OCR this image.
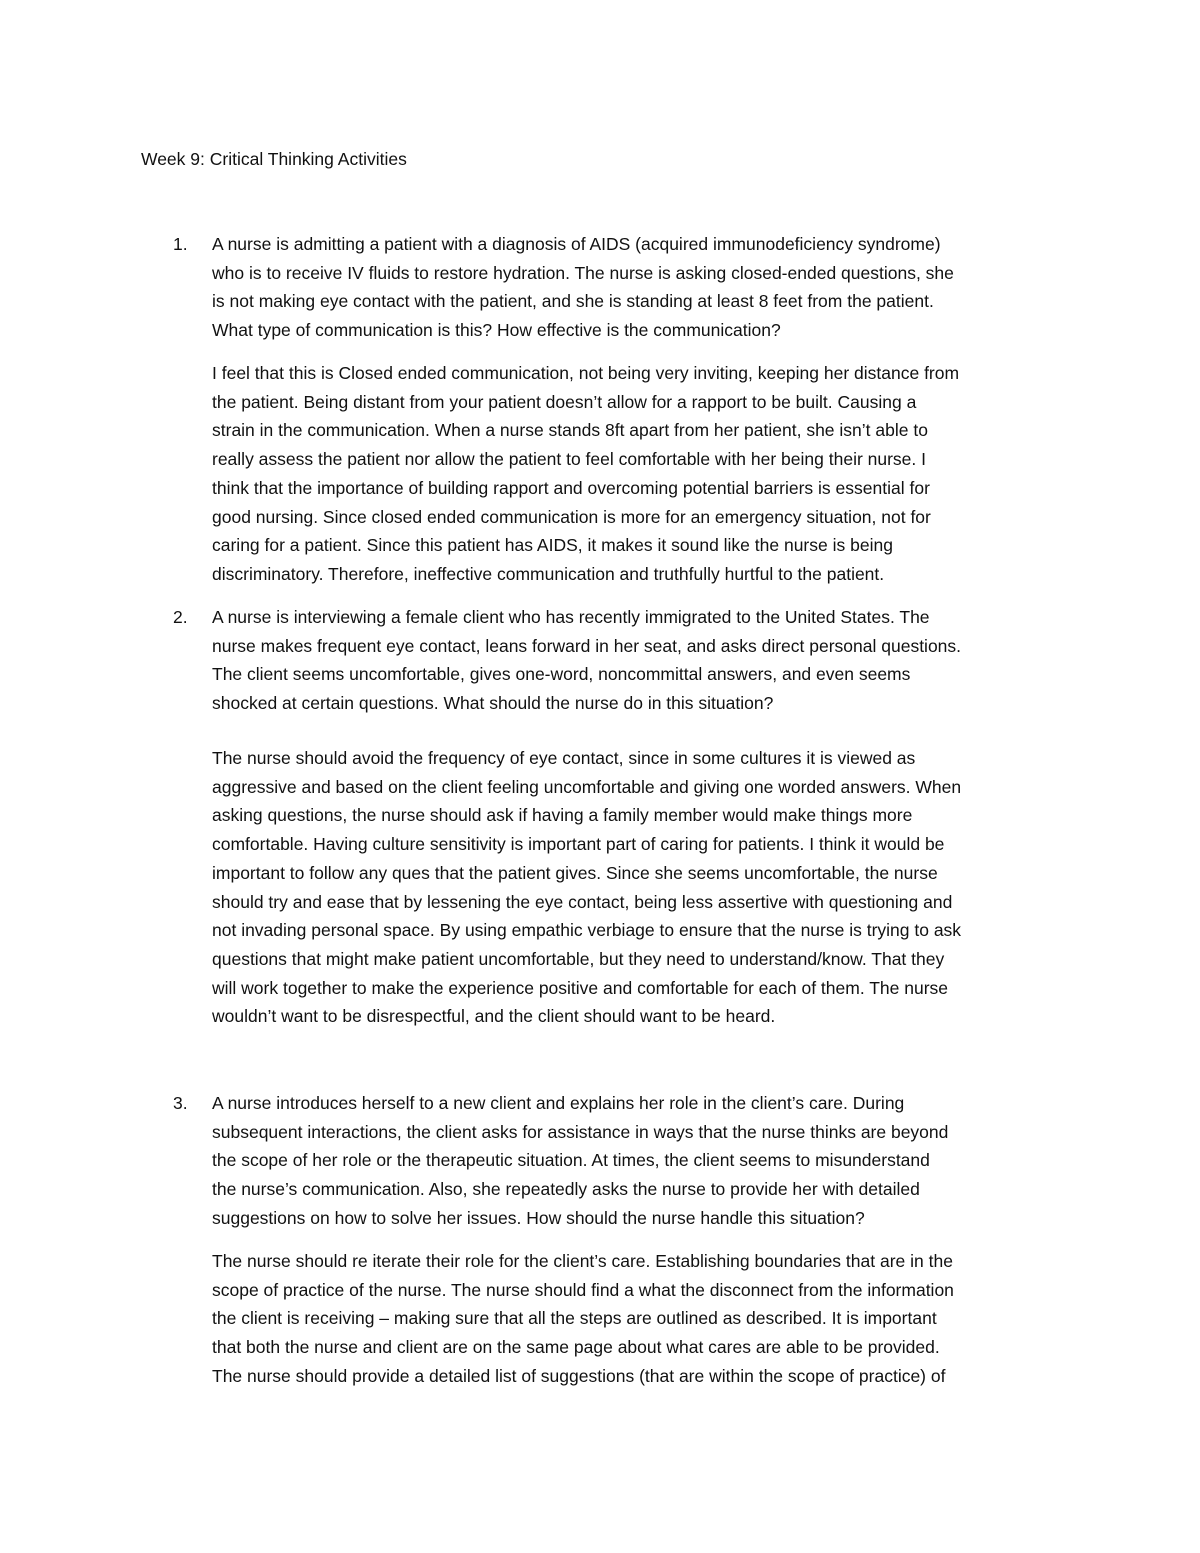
Week 9: Critical Thinking Activities

1. A nurse is admitting a patient with a diagnosis of AIDS (acquired immunodeficiency syndrome)
who is to receive IV fluids to restore hydration. The nurse is asking closed-ended questions, she
is not making eye contact with the patient, and she is standing at least 8 feet from the patient.
What type of communication is this? How effective is the communication?
I feel that this is Closed ended communication, not being very inviting, keeping her distance from
the patient. Being distant from your patient doesn’t allow for a rapport to be built. Causing a
strain in the communication. When a nurse stands 8ft apart from her patient, she isn’t able to
really assess the patient nor allow the patient to feel comfortable with her being their nurse. I
think that the importance of building rapport and overcoming potential barriers is essential for
good nursing. Since closed ended communication is more for an emergency situation, not for
caring for a patient. Since this patient has AIDS, it makes it sound like the nurse is being
discriminatory. Therefore, ineffective communication and truthfully hurtful to the patient.
2. A nurse is interviewing a female client who has recently immigrated to the United States. The
nurse makes frequent eye contact, leans forward in her seat, and asks direct personal questions.
The client seems uncomfortable, gives one-word, noncommittal answers, and even seems
shocked at certain questions. What should the nurse do in this situation?
The nurse should avoid the frequency of eye contact, since in some cultures it is viewed as
aggressive and based on the client feeling uncomfortable and giving one worded answers. When
asking questions, the nurse should ask if having a family member would make things more
comfortable. Having culture sensitivity is important part of caring for patients. I think it would be
important to follow any ques that the patient gives. Since she seems uncomfortable, the nurse
should try and ease that by lessening the eye contact, being less assertive with questioning and
not invading personal space. By using empathic verbiage to ensure that the nurse is trying to ask
questions that might make patient uncomfortable, but they need to understand/know. That they
will work together to make the experience positive and comfortable for each of them. The nurse
wouldn’t want to be disrespectful, and the client should want to be heard.
3. A nurse introduces herself to a new client and explains her role in the client’s care. During
subsequent interactions, the client asks for assistance in ways that the nurse thinks are beyond
the scope of her role or the therapeutic situation. At times, the client seems to misunderstand
the nurse’s communication. Also, she repeatedly asks the nurse to provide her with detailed
suggestions on how to solve her issues. How should the nurse handle this situation?
The nurse should re iterate their role for the client’s care. Establishing boundaries that are in the
scope of practice of the nurse. The nurse should find a what the disconnect from the information
the client is receiving – making sure that all the steps are outlined as described. It is important
that both the nurse and client are on the same page about what cares are able to be provided.
The nurse should provide a detailed list of suggestions (that are within the scope of practice) of
